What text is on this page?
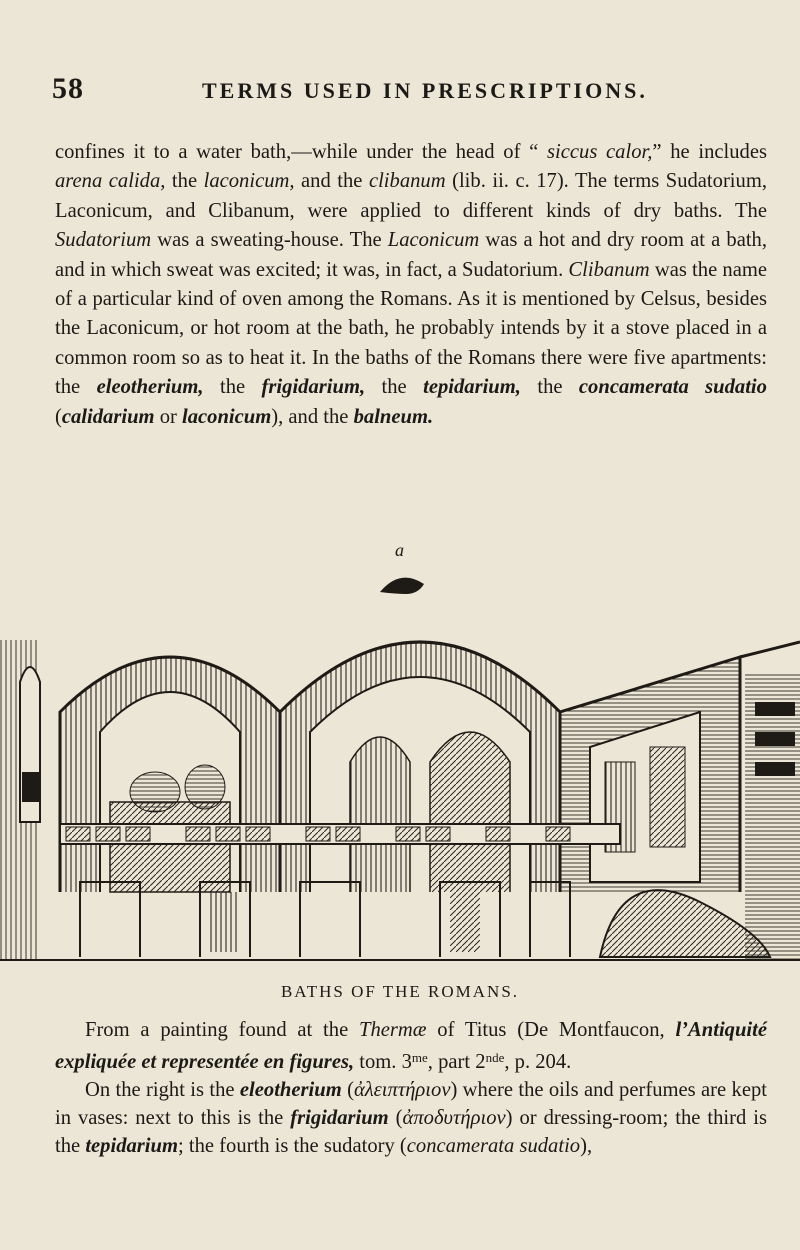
58	TERMS USED IN PRESCRIPTIONS.

confines it to a water bath,—while under the head of “ siccus calor,” he includes arena calida, the laconicum, and the clibanum (lib. ii. c. 17). The terms Sudatorium, Laconicum, and Clibanum, were applied to different kinds of dry baths. The Sudatorium was a sweating-house. The Laconicum was a hot and dry room at a bath, and in which sweat was excited; it was, in fact, a Sudatorium. Clibanum was the name of a particular kind of oven among the Romans. As it is mentioned by Celsus, besides the Laconicum, or hot room at the bath, he probably intends by it a stove placed in a common room so as to heat it. In the baths of the Romans there were five apartments: the eleotherium, the frigidarium, the tepidarium, the concamerata sudatio (calidarium or laconicum), and the balneum.

a
BATHS OF THE ROMANS.
From a painting found at the Thermæ of Titus (De Montfaucon, l’Antiquité expliquée et representée en figures, tom. $3^{me}$, part 2nde, p. 204.
On the right is the eleotherium (ἀλειπτήριον) where the oils and perfumes are kept in vases: next to this is the frigidarium (ἀποδυτήριον) or dressing-room; the third is the tepidarium; the fourth is the sudatory (concamerata sudatio),
